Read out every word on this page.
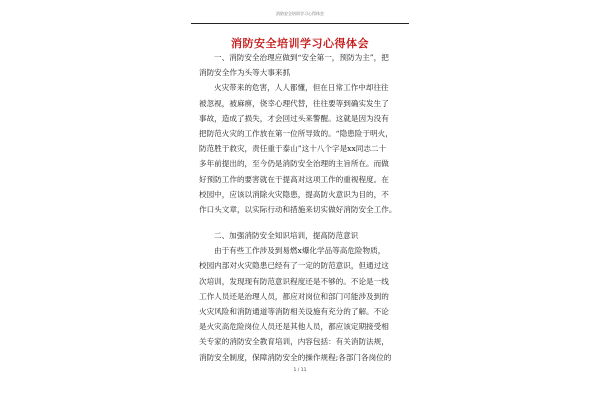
消防安全培训学习心得体会
消防安全培训学习心得体会
一、消防安全治理应做到“安全第一，预防为主”，把
消防安全作为头等大事来抓
火灾带来的危害，人人都懂，但在日常工作中却往往
被忽视，被麻痹，侥幸心理代替，往往要等到确实发生了
事故，造成了损失，才会回过头来警醒。这就是因为没有
把防范火灾的工作放在第一位所导致的。“隐患险于明火，
防范胜于救灾，责任重于泰山”这十八个字是xx同志二十
多年前提出的，至今仍是消防安全治理的主旨所在。而做
好预防工作的要害就在于提高对这项工作的重视程度。在
校园中，应该以消除火灾隐患，提高防火意识为目的，不
作口头文章，以实际行动和措施来切实做好消防安全工作。
二、加强消防安全知识培训，提高防范意识
由于有些工作涉及到易燃x爆化学品等高危险物质，
校园内部对火灾隐患已经有了一定的防范意识，但通过这
次培训，发现现有防范意识程度还是不够的。不论是一线
工作人员还是治理人员，都应对岗位和部门可能涉及到的
火灾风险和消防通道等消防相关设施有充分的了解。不论
是火灾高危险岗位人员还是其他人员，都应该定期接受相
关专家的消防安全教育培训，内容包括：有关消防法规，
消防安全制度，保障消防安全的操作规程;各部门各岗位的
1 / 11
